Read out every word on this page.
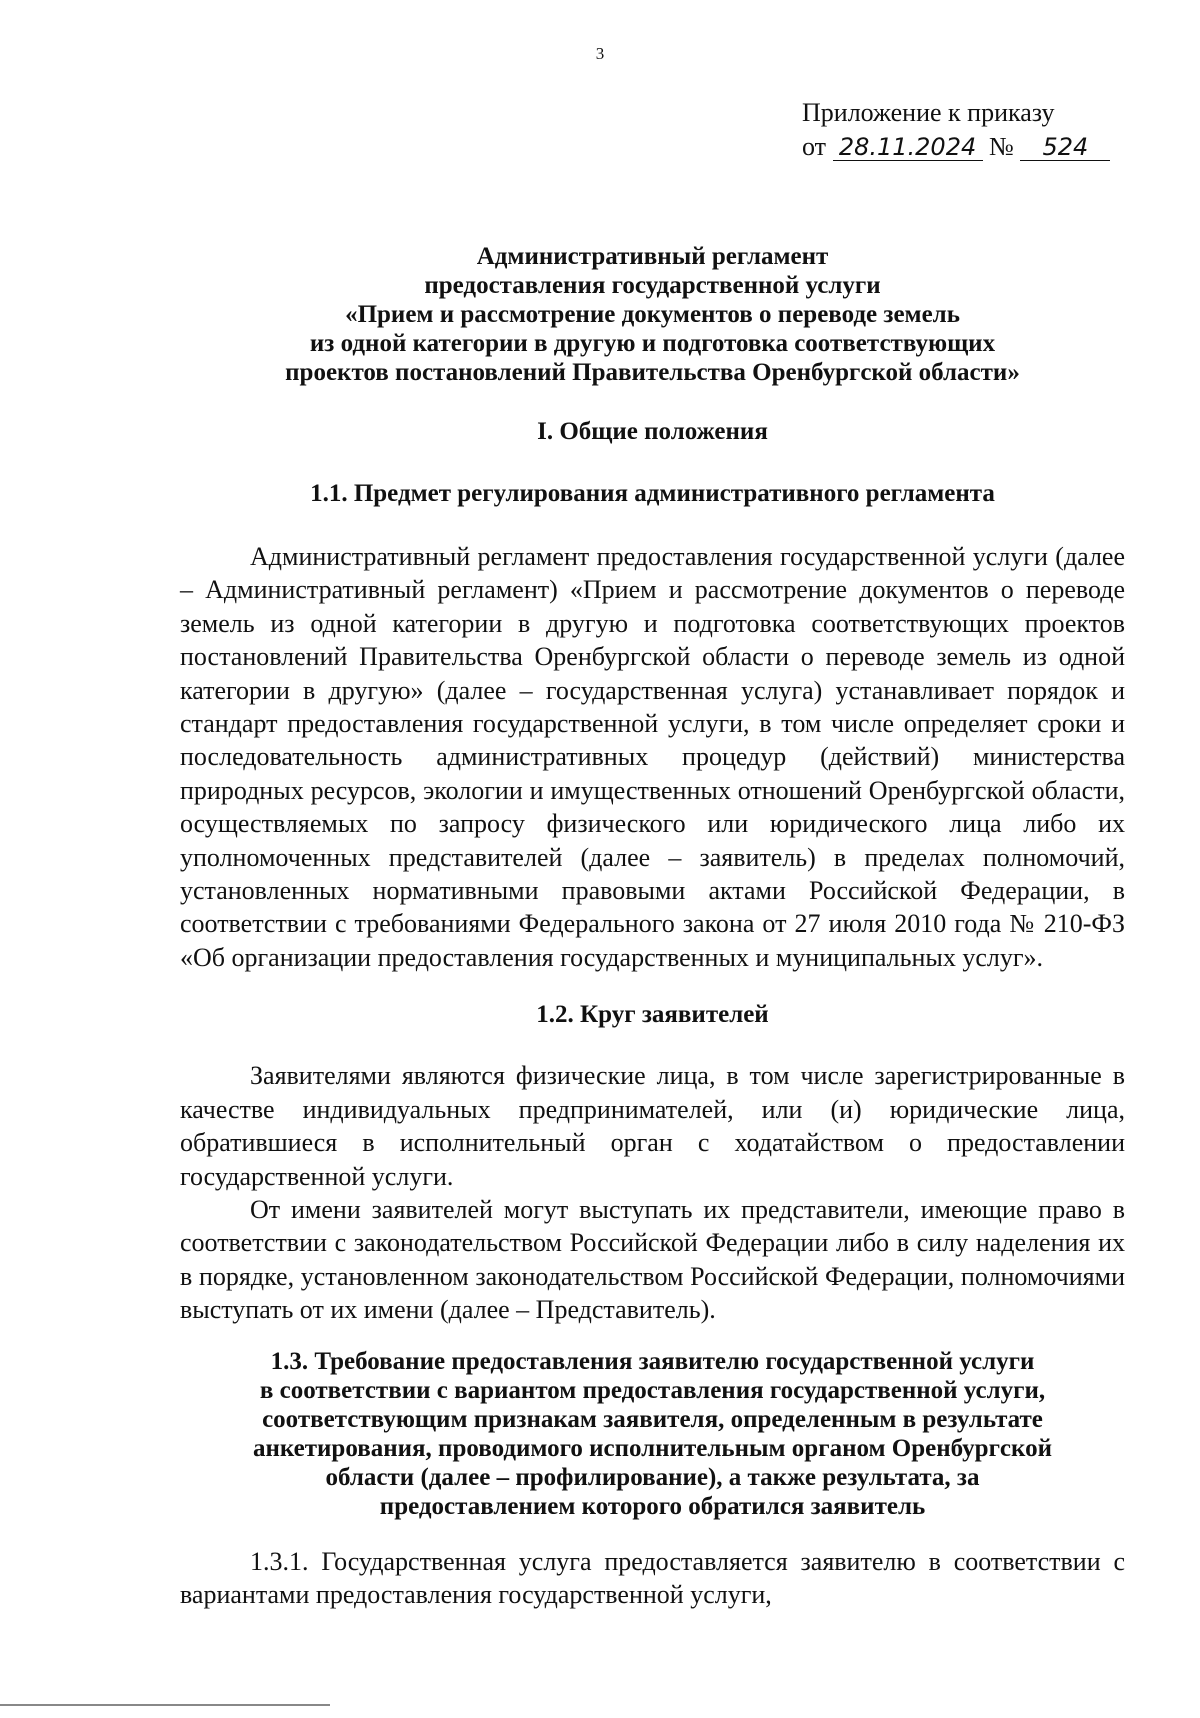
3
Приложение к приказу
от 28.11.2024 № 524
Административный регламент
предоставления государственной услуги
«Прием и рассмотрение документов о переводе земель
из одной категории в другую и подготовка соответствующих
проектов постановлений Правительства Оренбургской области»
I. Общие положения
1.1. Предмет регулирования административного регламента

Административный регламент предоставления государственной услуги (далее – Административный регламент) «Прием и рассмотрение документов о переводе земель из одной категории в другую и подготовка соответствующих проектов постановлений Правительства Оренбургской области о переводе земель из одной категории в другую» (далее – государственная услуга) устанавливает порядок и стандарт предоставления государственной услуги, в том числе определяет сроки и последовательность административных процедур (действий) министерства природных ресурсов, экологии и имущественных отношений Оренбургской области, осуществляемых по запросу физического или юридического лица либо их уполномоченных представителей (далее – заявитель) в пределах полномочий, установленных нормативными правовыми актами Российской Федерации, в соответствии с требованиями Федерального закона от 27 июля 2010 года № 210-ФЗ «Об организации предоставления государственных и муниципальных услуг».

1.2. Круг заявителей

Заявителями являются физические лица, в том числе зарегистрированные в качестве индивидуальных предпринимателей, или (и) юридические лица, обратившиеся в исполнительный орган с ходатайством о предоставлении государственной услуги.

От имени заявителей могут выступать их представители, имеющие право в соответствии с законодательством Российской Федерации либо в силу наделения их в порядке, установленном законодательством Российской Федерации, полномочиями выступать от их имени (далее – Представитель).

1.3. Требование предоставления заявителю государственной услуги
в соответствии с вариантом предоставления государственной услуги,
соответствующим признакам заявителя, определенным в результате
анкетирования, проводимого исполнительным органом Оренбургской
области (далее – профилирование), а также результата, за
предоставлением которого обратился заявитель

1.3.1. Государственная услуга предоставляется заявителю в соответствии с вариантами предоставления государственной услуги,
